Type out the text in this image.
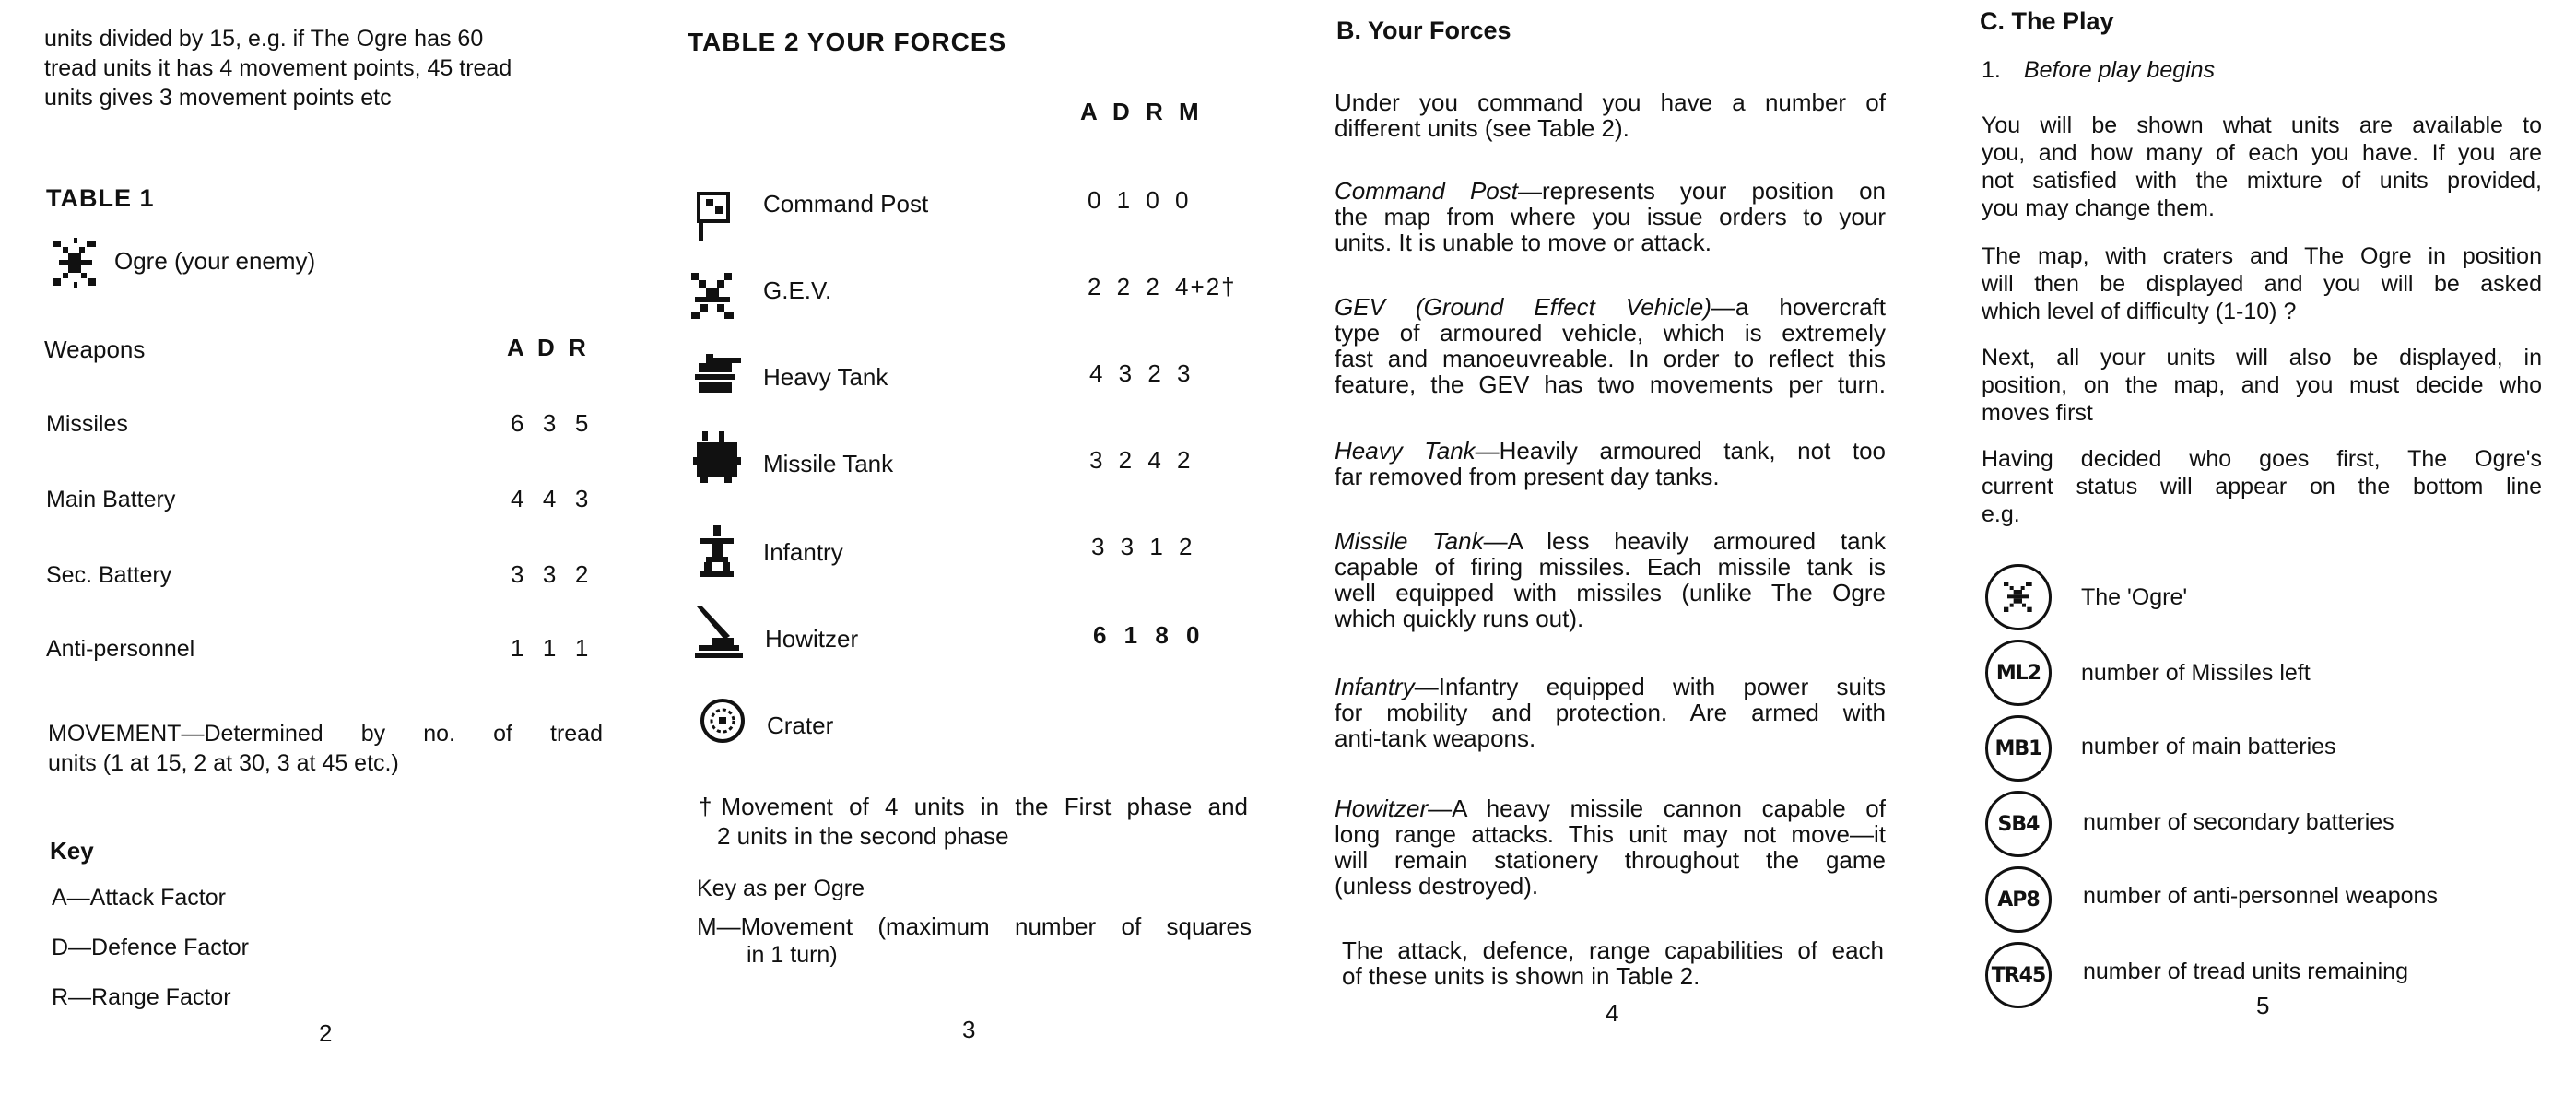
units divided by 15, e.g. if The Ogre has 60
tread units it has 4 movement points, 45 tread
units gives 3 movement points etc
TABLE 1
Ogre (your enemy)
Weapons	A D R
Missiles	6  3  5
Main Battery	4  4  3
Sec. Battery	3  3  2
Anti-personnel	1  1  1
MOVEMENT—Determined by no. of tread
units (1 at 15, 2 at 30, 3 at 45 etc.)
Key
A—Attack Factor
D—Defence Factor
R—Range Factor
2
TABLE 2 YOUR FORCES
A D R M
Command Post	0 1 0 0
G.E.V.	2 2 2 4+2†
Heavy Tank	4 3 2 3
Missile Tank	3 2 4 2
Infantry	3 3 1 2
Howitzer	6 1 8 0
Crater
†Movement of 4 units in the First phase and
2 units in the second phase
Key as per Ogre
M—Movement (maximum number of squares
in 1 turn)
3
B. Your Forces
Under you command you have a number of
different units (see Table 2).
Command Post—represents your position on
the map from where you issue orders to your
units. It is unable to move or attack.
GEV (Ground Effect Vehicle)—a hovercraft
type of armoured vehicle, which is extremely
fast and manoeuvreable. In order to reflect this
feature, the GEV has two movements per turn.
Heavy Tank—Heavily armoured tank, not too
far removed from present day tanks.
Missile Tank—A less heavily armoured tank
capable of firing missiles. Each missile tank is
well equipped with missiles (unlike The Ogre
which quickly runs out).
Infantry—Infantry equipped with power suits
for mobility and protection. Are armed with
anti-tank weapons.
Howitzer—A heavy missile cannon capable of
long range attacks. This unit may not move—it
will remain stationery throughout the game
(unless destroyed).
The attack, defence, range capabilities of each
of these units is shown in Table 2.
4
C. The Play
1. Before play begins
You will be shown what units are available to
you, and how many of each you have. If you are
not satisfied with the mixture of units provided,
you may change them.
The map, with craters and The Ogre in position
will then be displayed and you will be asked
which level of difficulty (1-10) ?
Next, all your units will also be displayed, in
position, on the map, and you must decide who
moves first
Having decided who goes first, The Ogre's
current status will appear on the bottom line
e.g.
The 'Ogre'
ML2	number of Missiles left
MB1	number of main batteries
SB4	number of secondary batteries
AP8	number of anti-personnel weapons
TR45 number of tread units remaining
5
